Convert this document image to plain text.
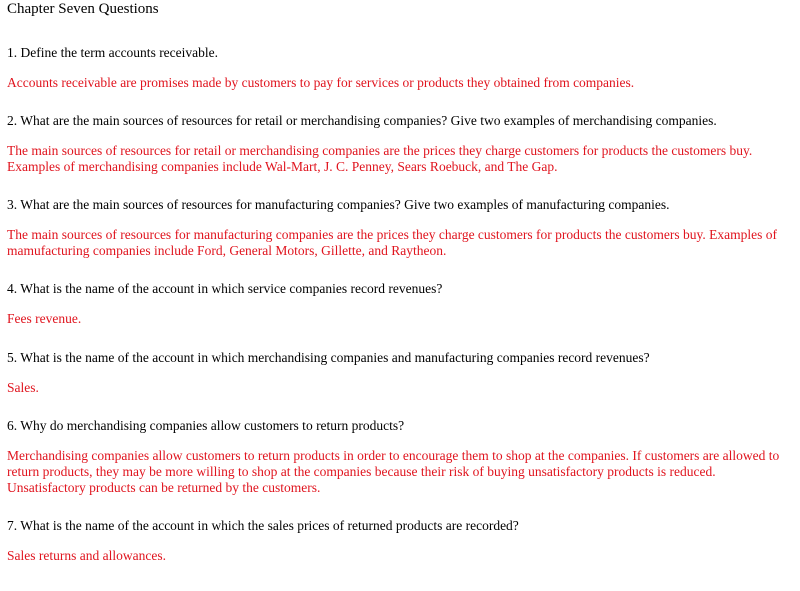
Chapter Seven Questions

1. Define the term accounts receivable.

Accounts receivable are promises made by customers to pay for services or products they obtained from companies.

2. What are the main sources of resources for retail or merchandising companies? Give two examples of merchandising companies.

The main sources of resources for retail or merchandising companies are the prices they charge customers for products the customers buy. Examples of merchandising companies include Wal-Mart, J. C. Penney, Sears Roebuck, and The Gap.

3. What are the main sources of resources for manufacturing companies? Give two examples of manufacturing companies.

The main sources of resources for manufacturing companies are the prices they charge customers for products the customers buy. Examples of mamufacturing companies include Ford, General Motors, Gillette, and Raytheon.

4. What is the name of the account in which service companies record revenues?

Fees revenue.

5. What is the name of the account in which merchandising companies and manufacturing companies record revenues?

Sales.

6. Why do merchandising companies allow customers to return products?

Merchandising companies allow customers to return products in order to encourage them to shop at the companies. If customers are allowed to return products, they may be more willing to shop at the companies because their risk of buying unsatisfactory products is reduced. Unsatisfactory products can be returned by the customers.

7. What is the name of the account in which the sales prices of returned products are recorded?

Sales returns and allowances.
